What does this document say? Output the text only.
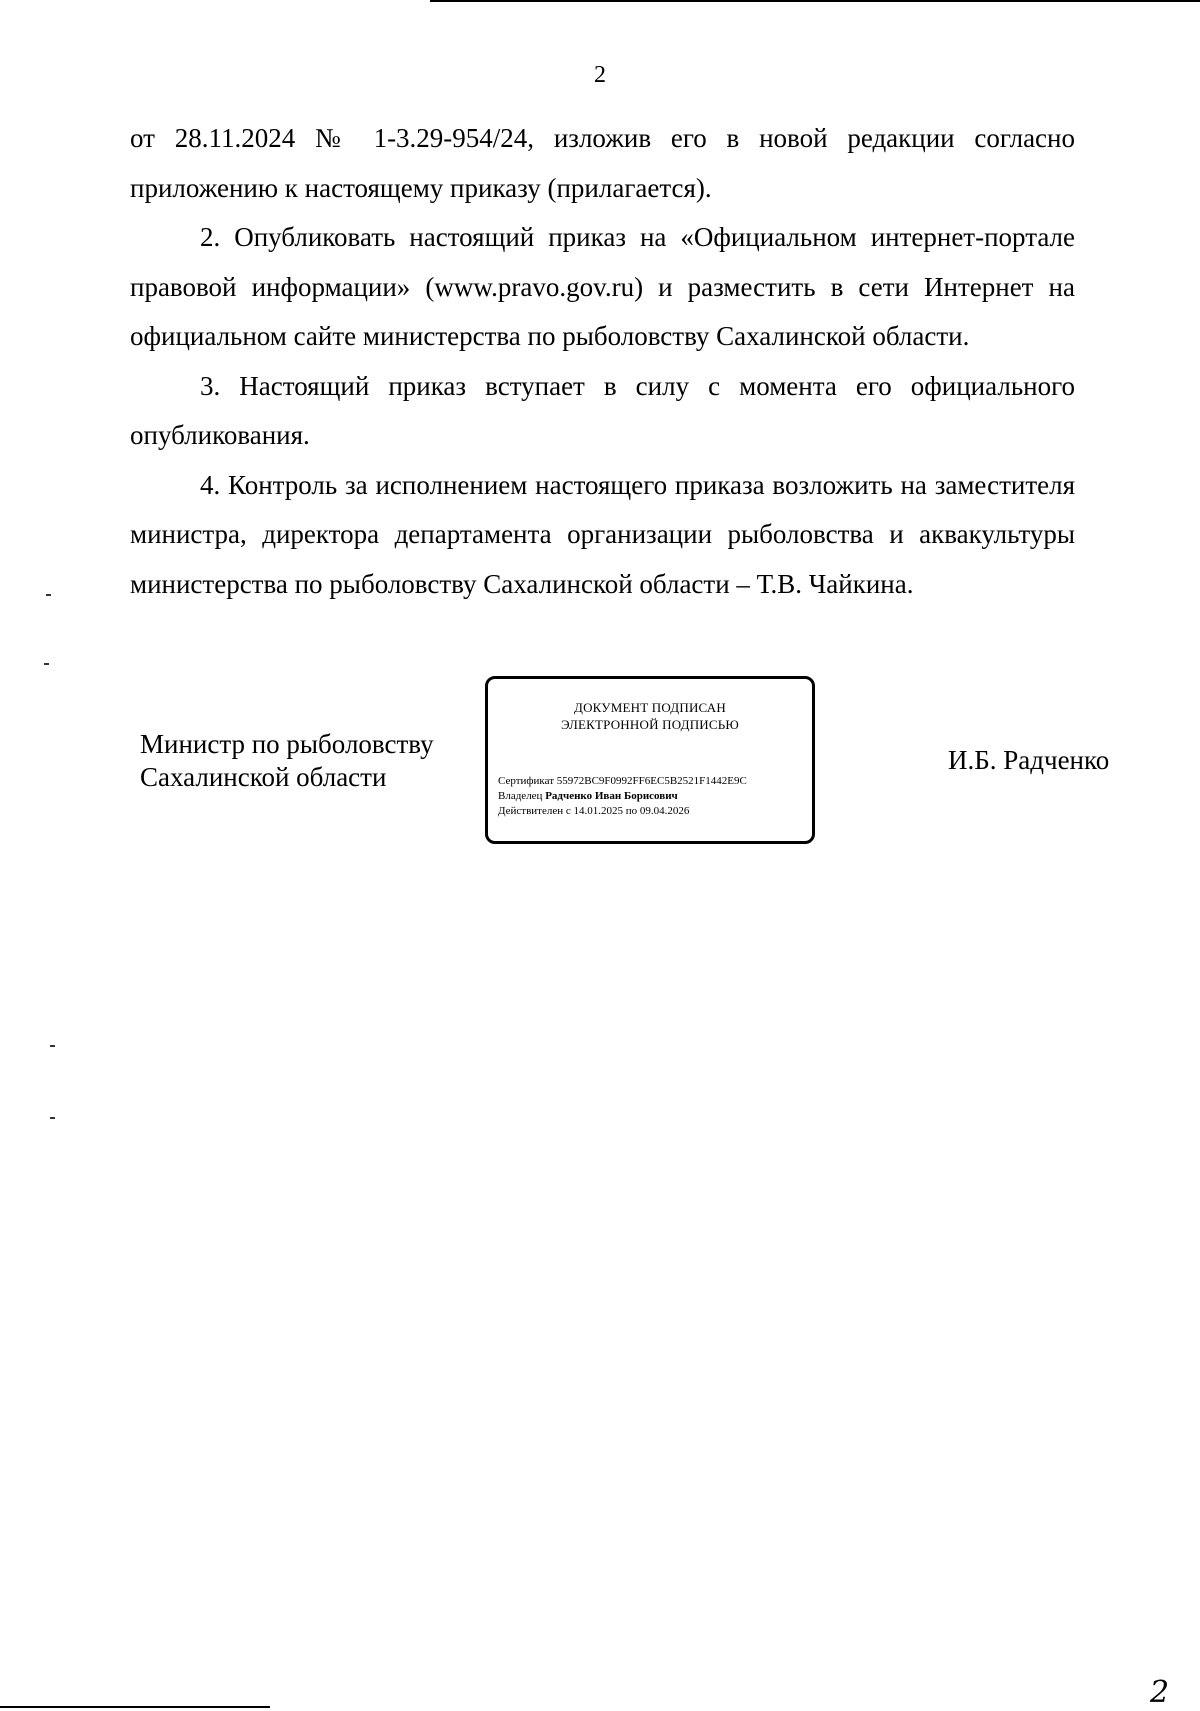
2

от 28.11.2024 № 1-3.29-954/24, изложив его в новой редакции согласно приложению к настоящему приказу (прилагается).

2. Опубликовать настоящий приказ на «Официальном интернет-портале правовой информации» (www.pravo.gov.ru) и разместить в сети Интернет на официальном сайте министерства по рыболовству Сахалинской области.

3. Настоящий приказ вступает в силу с момента его официального опубликования.

4. Контроль за исполнением настоящего приказа возложить на заместителя министра, директора департамента организации рыболовства и аквакультуры министерства по рыболовству Сахалинской области – Т.В. Чайкина.

Министр по рыболовству
Сахалинской области
ДОКУМЕНТ ПОДПИСАН
ЭЛЕКТРОННОЙ ПОДПИСЬЮ
Сертификат 55972BC9F0992FF6EC5B2521F1442E9C
Владелец Радченко Иван Борисович
Действителен с 14.01.2025 по 09.04.2026
И.Б. Радченко
2
